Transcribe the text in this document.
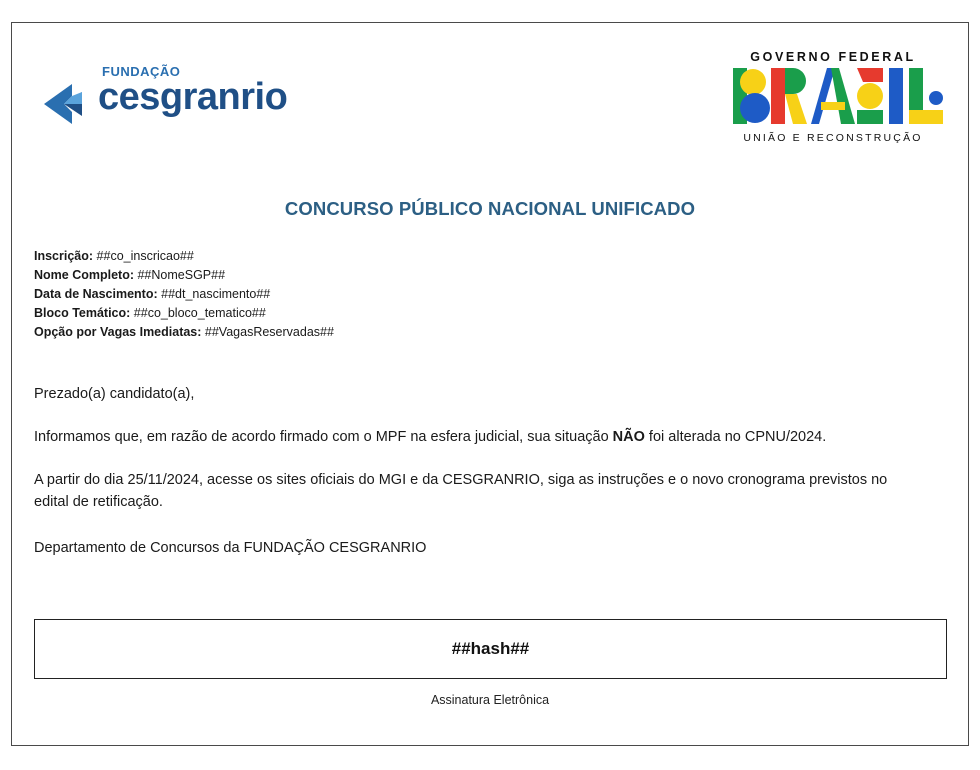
FUNDAÇÃO
cesgranrio
GOVERNO FEDERAL
UNIÃO E RECONSTRUÇÃO
CONCURSO PÚBLICO NACIONAL UNIFICADO
Inscrição: ##co_inscricao##
Nome Completo: ##NomeSGP##
Data de Nascimento: ##dt_nascimento##
Bloco Temático: ##co_bloco_tematico##
Opção por Vagas Imediatas: ##VagasReservadas##

Prezado(a) candidato(a),

Informamos que, em razão de acordo firmado com o MPF na esfera judicial, sua situação NÃO foi alterada no CPNU/2024.

A partir do dia 25/11/2024, acesse os sites oficiais do MGI e da CESGRANRIO, siga as instruções e o novo cronograma previstos no edital de retificação.

Departamento de Concursos da FUNDAÇÃO CESGRANRIO

##hash##
Assinatura Eletrônica
